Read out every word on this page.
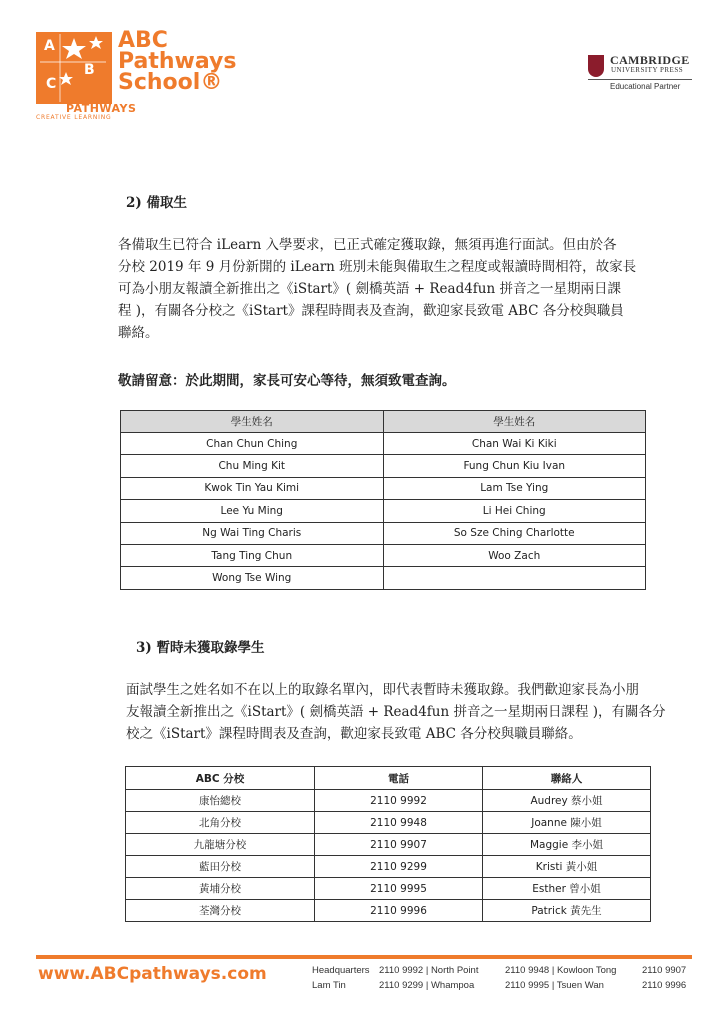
A
B
C
ABC
Pathways
School®
PATHWAYS
CREATIVE LEARNING
CAMBRIDGE
UNIVERSITY PRESS
Educational Partner
2) 備取生
各備取生已符合 iLearn 入學要求，已正式確定獲取錄，無須再進行面試。但由於各
分校 2019 年 9 月份新開的 iLearn 班別未能與備取生之程度或報讀時間相符，故家長
可為小朋友報讀全新推出之《iStart》( 劍橋英語 + Read4fun 拼音之一星期兩日課
程 )，有關各分校之《iStart》課程時間表及查詢，歡迎家長致電 ABC 各分校與職員
聯絡。
敬請留意：於此期間，家長可安心等待，無須致電查詢。
學生姓名	學生姓名
Chan Chun Ching	Chan Wai Ki Kiki
Chu Ming Kit	Fung Chun Kiu Ivan
Kwok Tin Yau Kimi	Lam Tse Ying
Lee Yu Ming	Li Hei Ching
Ng Wai Ting Charis	So Sze Ching Charlotte
Tang Ting Chun	Woo Zach
Wong Tse Wing	
3) 暫時未獲取錄學生
面試學生之姓名如不在以上的取錄名單內，即代表暫時未獲取錄。我們歡迎家長為小朋
友報讀全新推出之《iStart》( 劍橋英語 + Read4fun 拼音之一星期兩日課程 )，有關各分
校之《iStart》課程時間表及查詢，歡迎家長致電 ABC 各分校與職員聯絡。
ABC 分校	電話	聯絡人
康怡總校	2110 9992	Audrey 蔡小姐
北角分校	2110 9948	Joanne 陳小姐
九龍塘分校	2110 9907	Maggie 李小姐
藍田分校	2110 9299	Kristi 黃小姐
黃埔分校	2110 9995	Esther 曾小姐
荃灣分校	2110 9996	Patrick 黃先生
www.ABCpathways.com	Headquarters 2110 9992 | North Point	2110 9948 | Kowloon Tong	2110 9907
Lam Tin	2110 9299 | Whampoa	2110 9995 | Tsuen Wan	2110 9996
